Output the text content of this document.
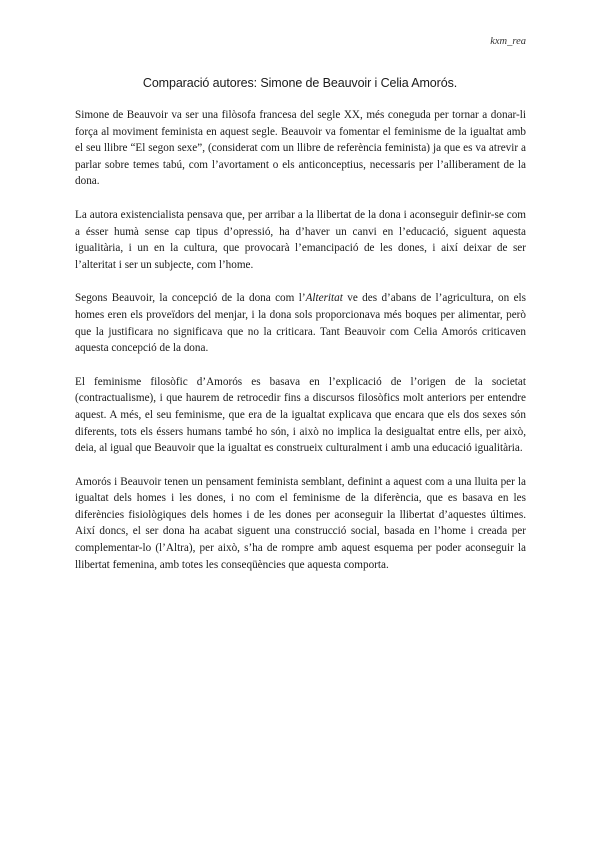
kxm_rea
Comparació autores: Simone de Beauvoir i Celia Amorós.

Simone de Beauvoir va ser una filòsofa francesa del segle XX, més coneguda per tornar a donar-li força al moviment feminista en aquest segle. Beauvoir va fomentar el feminisme de la igualtat amb el seu llibre “El segon sexe”, (considerat com un llibre de referència feminista) ja que es va atrevir a parlar sobre temes tabú, com l’avortament o els anticonceptius, necessaris per l’alliberament de la dona.

La autora existencialista pensava que, per arribar a la llibertat de la dona i aconseguir definir-se com a ésser humà sense cap tipus d’opressió, ha d’haver un canvi en l’educació, siguent aquesta igualitària, i un en la cultura, que provocarà l’emancipació de les dones, i així deixar de ser l’alteritat i ser un subjecte, com l’home.

Segons Beauvoir, la concepció de la dona com l’Alteritat ve des d’abans de l’agricultura, on els homes eren els proveïdors del menjar, i la dona sols proporcionava més boques per alimentar, però que la justificara no significava que no la criticara. Tant Beauvoir com Celia Amorós criticaven aquesta concepció de la dona.

El feminisme filosòfic d’Amorós es basava en l’explicació de l’origen de la societat (contractualisme), i que haurem de retrocedir fins a discursos filosòfics molt anteriors per entendre aquest. A més, el seu feminisme, que era de la igualtat explicava que encara que els dos sexes són diferents, tots els éssers humans també ho són, i això no implica la desigualtat entre ells, per això, deia, al igual que Beauvoir que la igualtat es construeix culturalment i amb una educació igualitària.

Amorós i Beauvoir tenen un pensament feminista semblant, definint a aquest com a una lluita per la igualtat dels homes i les dones, i no com el feminisme de la diferència, que es basava en les diferències fisiològiques dels homes i de les dones per aconseguir la llibertat d’aquestes últimes. Així doncs, el ser dona ha acabat siguent una construcció social, basada en l’home i creada per complementar-lo (l’Altra), per això, s’ha de rompre amb aquest esquema per poder aconseguir la llibertat femenina, amb totes les conseqüències que aquesta comporta.
